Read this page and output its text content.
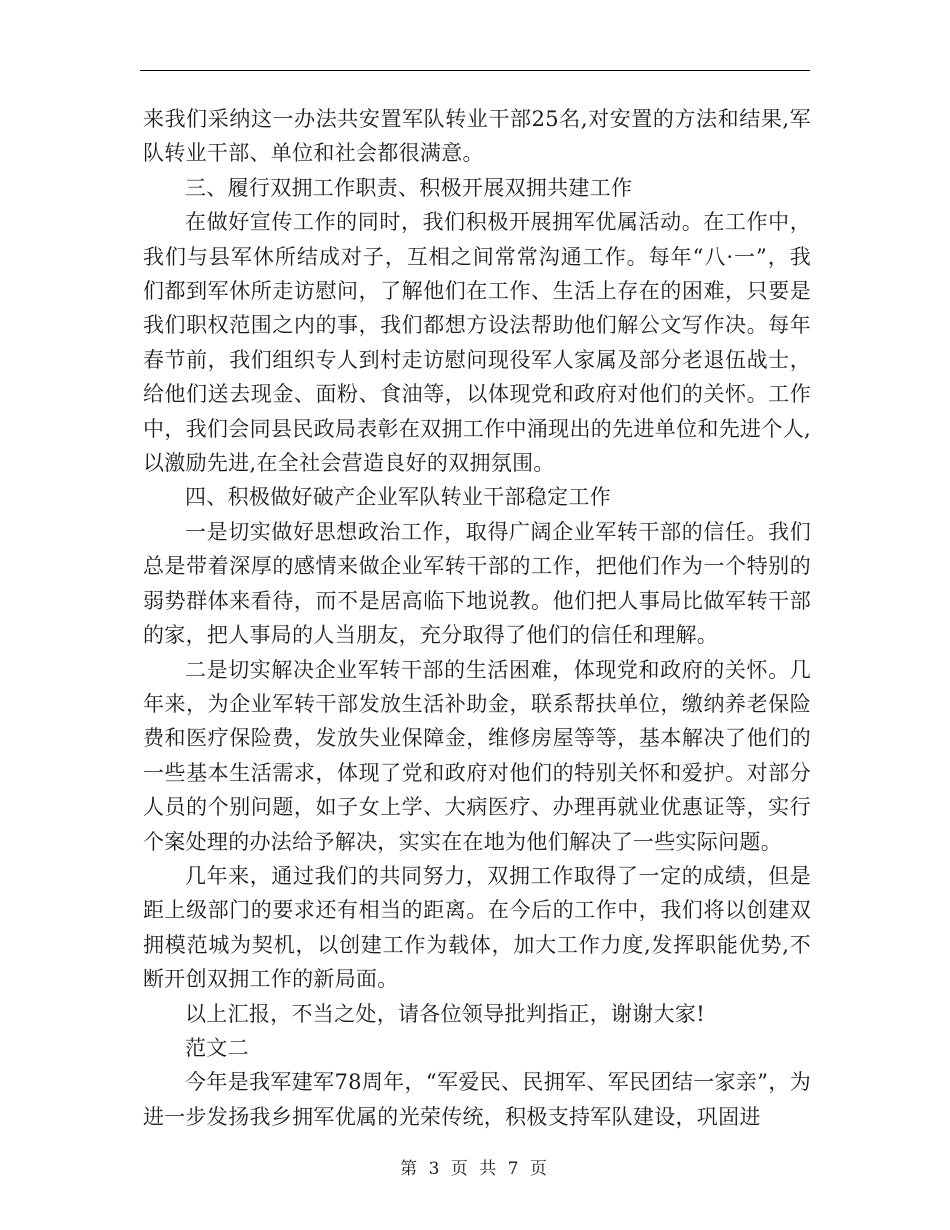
来我们采纳这一办法共安置军队转业干部25名,对安置的方法和结果,军队转业干部、单位和社会都很满意。

三、履行双拥工作职责、积极开展双拥共建工作

在做好宣传工作的同时，我们积极开展拥军优属活动。在工作中，我们与县军休所结成对子，互相之间常常沟通工作。每年“八·一”，我们都到军休所走访慰问，了解他们在工作、生活上存在的困难，只要是我们职权范围之内的事，我们都想方设法帮助他们解公文写作决。每年春节前，我们组织专人到村走访慰问现役军人家属及部分老退伍战士，给他们送去现金、面粉、食油等，以体现党和政府对他们的关怀。工作中，我们会同县民政局表彰在双拥工作中涌现出的先进单位和先进个人,以激励先进,在全社会营造良好的双拥氛围。

四、积极做好破产企业军队转业干部稳定工作

一是切实做好思想政治工作，取得广阔企业军转干部的信任。我们总是带着深厚的感情来做企业军转干部的工作，把他们作为一个特别的弱势群体来看待，而不是居高临下地说教。他们把人事局比做军转干部的家，把人事局的人当朋友，充分取得了他们的信任和理解。

二是切实解决企业军转干部的生活困难，体现党和政府的关怀。几年来，为企业军转干部发放生活补助金，联系帮扶单位，缴纳养老保险费和医疗保险费，发放失业保障金，维修房屋等等，基本解决了他们的一些基本生活需求，体现了党和政府对他们的特别关怀和爱护。对部分人员的个别问题，如子女上学、大病医疗、办理再就业优惠证等，实行个案处理的办法给予解决，实实在在地为他们解决了一些实际问题。

几年来，通过我们的共同努力，双拥工作取得了一定的成绩，但是距上级部门的要求还有相当的距离。在今后的工作中，我们将以创建双拥模范城为契机，以创建工作为载体，加大工作力度,发挥职能优势,不断开创双拥工作的新局面。

以上汇报，不当之处，请各位领导批判指正，谢谢大家!

范文二

今年是我军建军78周年，“军爱民、民拥军、军民团结一家亲”，为进一步发扬我乡拥军优属的光荣传统，积极支持军队建设，巩固进

第 3 页 共 7 页
